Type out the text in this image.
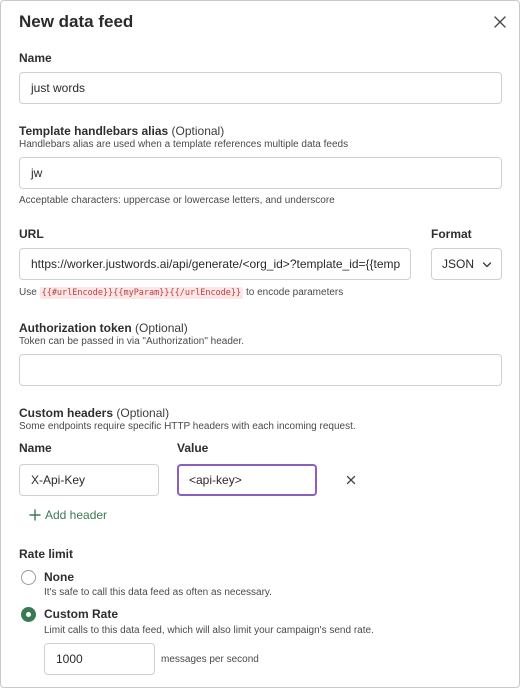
New data feed
Name
just words
Template handlebars alias (Optional)
Handlebars alias are used when a template references multiple data feeds
jw
Acceptable characters: uppercase or lowercase letters, and underscore
URL
https://worker.justwords.ai/api/generate/<org_id>?template_id={{temp
Use {{#urlEncode}}{{myParam}}{{/urlEncode}} to encode parameters
Format
JSON
Authorization token (Optional)
Token can be passed in via "Authorization" header.
Custom headers (Optional)
Some endpoints require specific HTTP headers with each incoming request.
Name	Value
X-Api-Key	<api-key>
Add header
Rate limit
None
It's safe to call this data feed as often as necessary.
Custom Rate
Limit calls to this data feed, which will also limit your campaign's send rate.
1000	messages per second
